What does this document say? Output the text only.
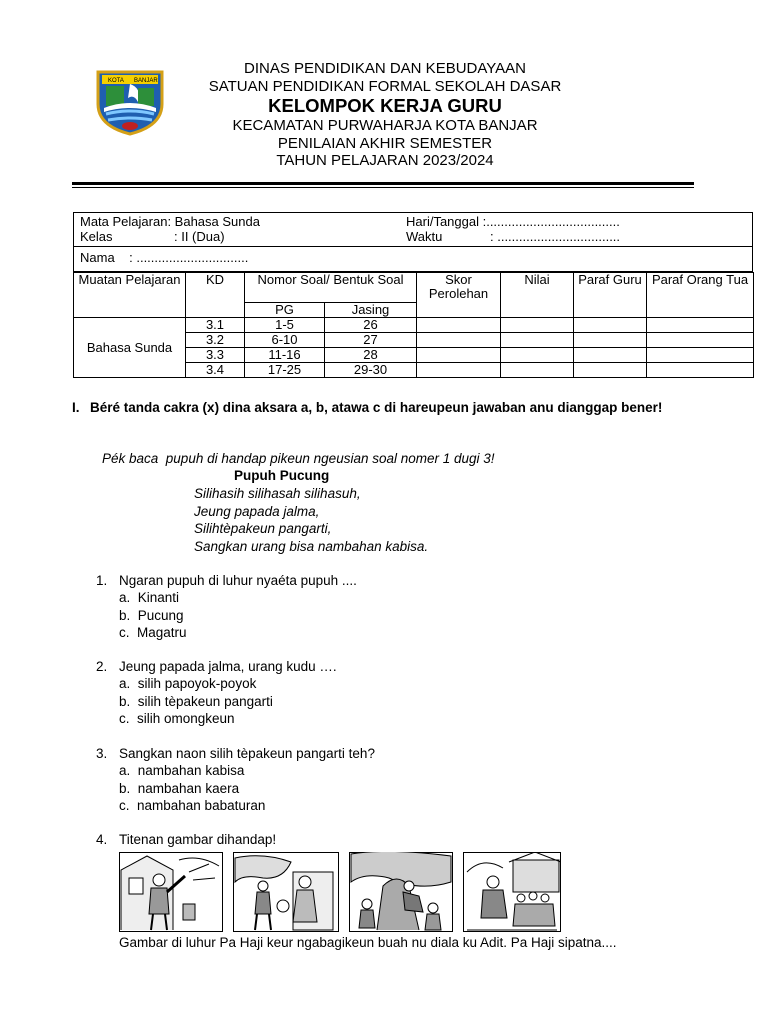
KOTA BANJAR
DINAS PENDIDIKAN DAN KEBUDAYAAN
SATUAN PENDIDIKAN FORMAL SEKOLAH DASAR
KELOMPOK KERJA GURU
KECAMATAN PURWAHARJA KOTA BANJAR
PENILAIAN AKHIR SEMESTER
TAHUN PELAJARAN 2023/2024
Mata Pelajaran: Bahasa Sunda
Kelas	: II (Dua)
Hari/Tanggal :.....................................
Waktu	: ..................................
Nama    : ...............................
Muatan Pelajaran	KD	Nomor Soal/ Bentuk Soal		Skor Perolehan	Nilai	Paraf Guru	Paraf Orang Tua
		PG	Jasing				
Bahasa Sunda	3.1	1-5	26				
	3.2	6-10	27				
	3.3	11-16	28				
	3.4	17-25	29-30				
I. Béré tanda cakra (x) dina aksara a, b, atawa c di hareupeun jawaban anu dianggap bener!
Pék baca  pupuh di handap pikeun ngeusian soal nomer 1 dugi 3!
Pupuh Pucung
Silihasih silihasah silihasuh,
Jeung papada jalma,
Silihtèpakeun pangarti,
Sangkan urang bisa nambahan kabisa.
1. Ngaran pupuh di luhur nyaéta pupuh ....
a.  Kinanti
b.  Pucung
c.  Magatru
2. Jeung papada jalma, urang kudu ….
a.  silih papoyok-poyok
b.  silih tèpakeun pangarti
c.  silih omongkeun
3. Sangkan naon silih tèpakeun pangarti teh?
a.  nambahan kabisa
b.  nambahan kaera
c.  nambahan babaturan
4. Titenan gambar dihandap!
Gambar di luhur Pa Haji keur ngabagikeun buah nu diala ku Adit. Pa Haji sipatna....
